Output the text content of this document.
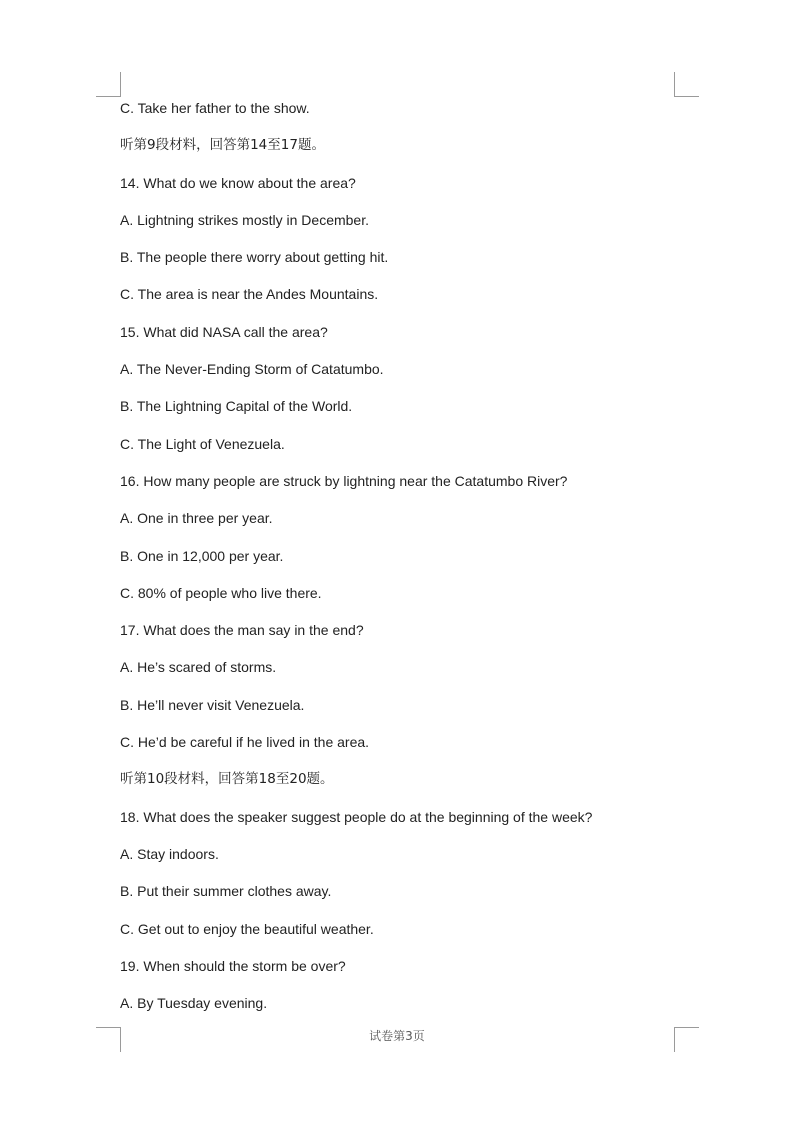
C. Take her father to the show.
听第9段材料，回答第14至17题。
14. What do we know about the area?
A. Lightning strikes mostly in December.
B. The people there worry about getting hit.
C. The area is near the Andes Mountains.
15. What did NASA call the area?
A. The Never-Ending Storm of Catatumbo.
B. The Lightning Capital of the World.
C. The Light of Venezuela.
16. How many people are struck by lightning near the Catatumbo River?
A. One in three per year.
B. One in 12,000 per year.
C. 80% of people who live there.
17. What does the man say in the end?
A. He’s scared of storms.
B. He’ll never visit Venezuela.
C. He’d be careful if he lived in the area.
听第10段材料，回答第18至20题。
18. What does the speaker suggest people do at the beginning of the week?
A. Stay indoors.
B. Put their summer clothes away.
C. Get out to enjoy the beautiful weather.
19. When should the storm be over?
A. By Tuesday evening.
试卷第3页
